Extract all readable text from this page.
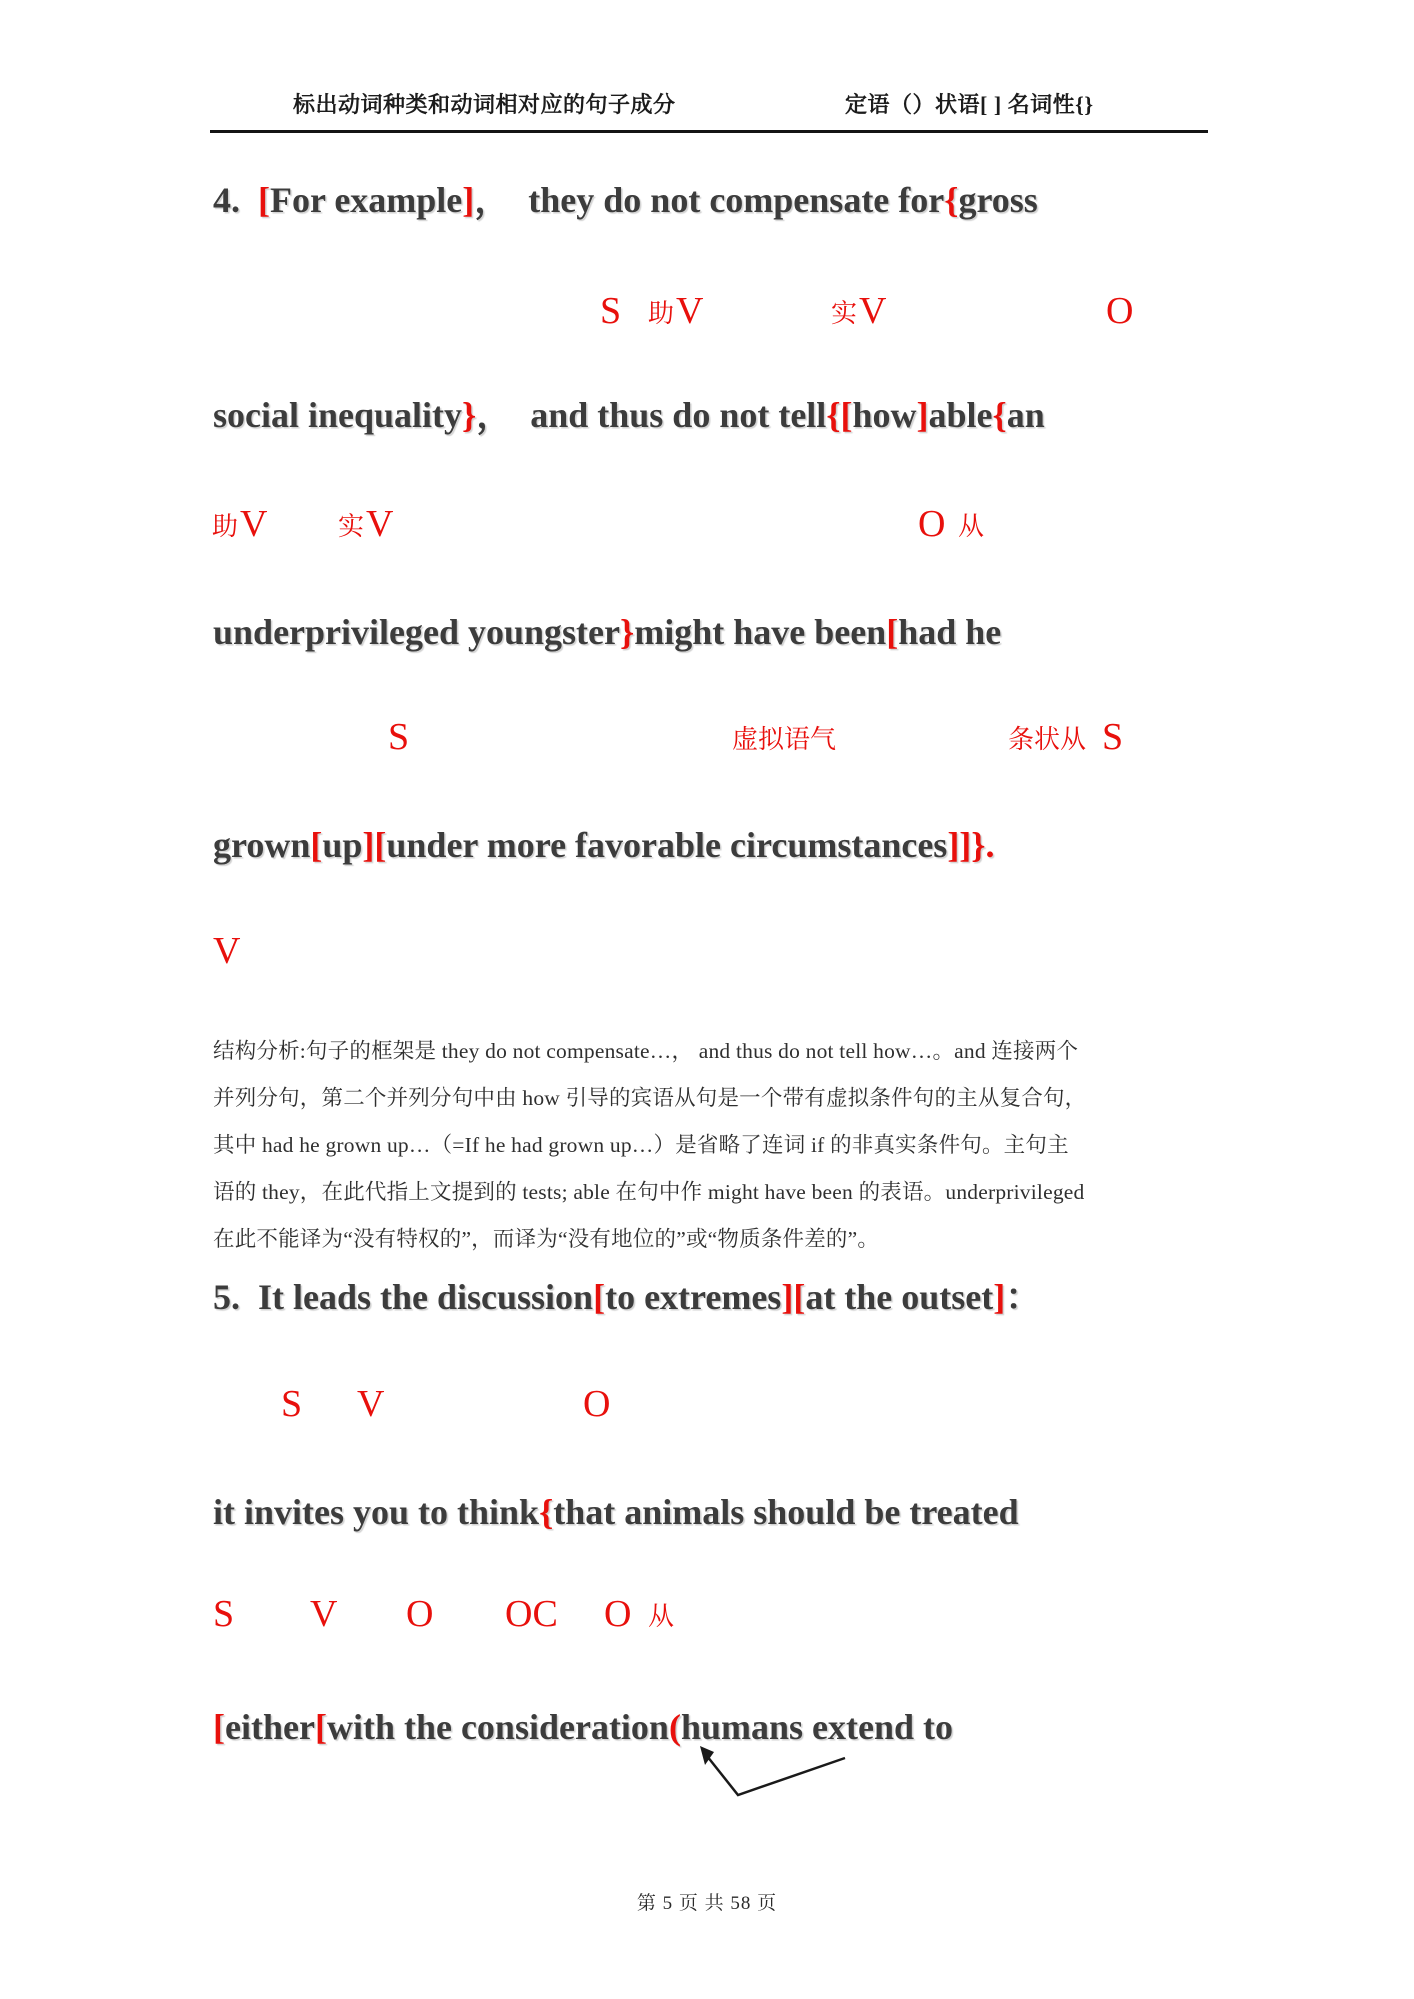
标出动词种类和动词相对应的句子成分	定语（）状语[ ] 名词性{}
4.  [For example]，  they do not compensate for{gross
S 助 V	实 V	O
social inequality}，  and thus do not tell{[how]able{an
助 V	实 V	O 从
underprivileged youngster}might have been[had he
S	虚拟语气	条状从 S
grown[up][under more favorable circumstances]]}.
V
结构分析:句子的框架是 they do not compensate…， and thus do not tell how…。and 连接两个
并列分句，第二个并列分句中由 how 引导的宾语从句是一个带有虚拟条件句的主从复合句，
其中 had he grown up…（=If he had grown up…）是省略了连词 if 的非真实条件句。主句主
语的 they，在此代指上文提到的 tests; able 在句中作 might have been 的表语。underprivileged
在此不能译为“没有特权的”，而译为“没有地位的”或“物质条件差的”。
5.  It leads the discussion[to extremes][at the outset]：
S V	O
it invites you to think{that animals should be treated
S V O OC O 从
[either[with the consideration(humans extend to
第 5 页 共 58 页
